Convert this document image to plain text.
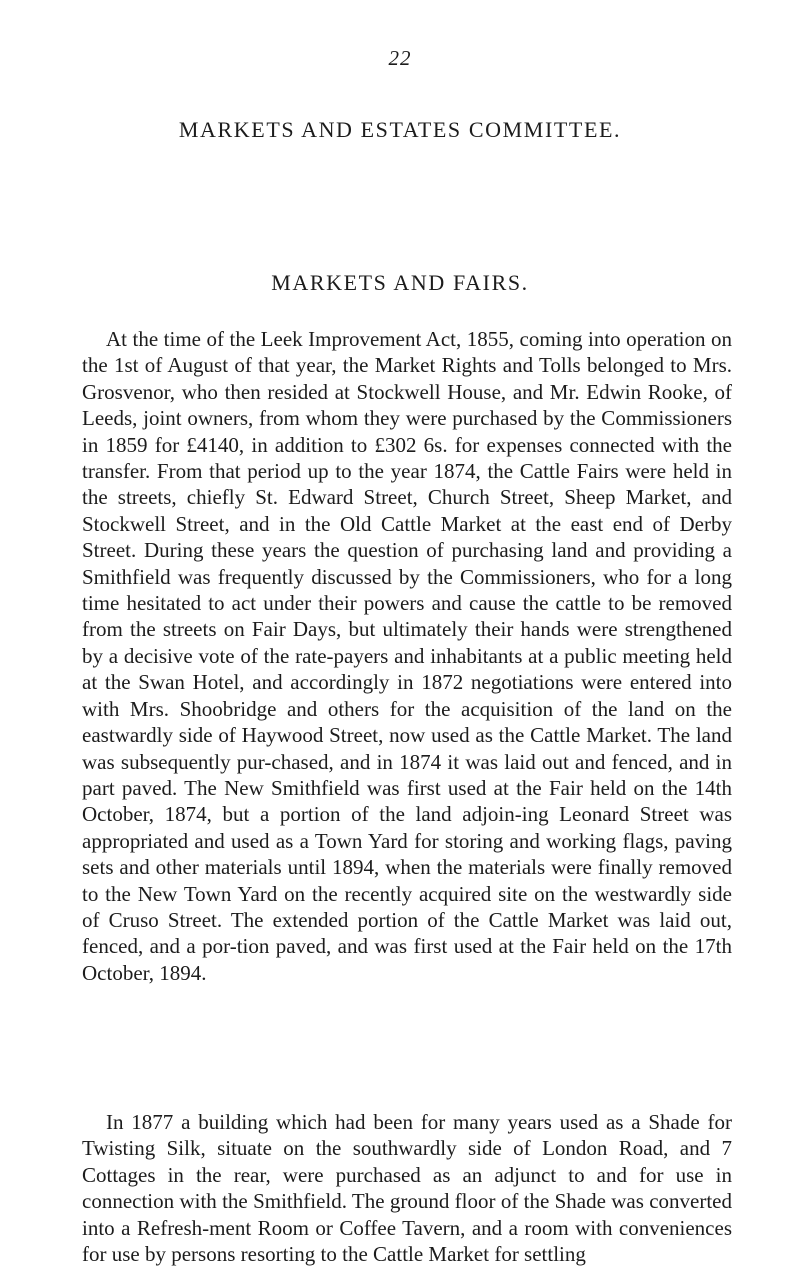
22
MARKETS AND ESTATES COMMITTEE.
MARKETS AND FAIRS.

At the time of the Leek Improvement Act, 1855, coming into operation on the 1st of August of that year, the Market Rights and Tolls belonged to Mrs. Grosvenor, who then resided at Stockwell House, and Mr. Edwin Rooke, of Leeds, joint owners, from whom they were purchased by the Commissioners in 1859 for £4140, in addition to £302 6s. for expenses connected with the transfer. From that period up to the year 1874, the Cattle Fairs were held in the streets, chiefly St. Edward Street, Church Street, Sheep Market, and Stockwell Street, and in the Old Cattle Market at the east end of Derby Street. During these years the question of purchasing land and providing a Smithfield was frequently discussed by the Commissioners, who for a long time hesitated to act under their powers and cause the cattle to be removed from the streets on Fair Days, but ultimately their hands were strengthened by a decisive vote of the rate-payers and inhabitants at a public meeting held at the Swan Hotel, and accordingly in 1872 negotiations were entered into with Mrs. Shoobridge and others for the acquisition of the land on the eastwardly side of Haywood Street, now used as the Cattle Market. The land was subsequently pur-chased, and in 1874 it was laid out and fenced, and in part paved. The New Smithfield was first used at the Fair held on the 14th October, 1874, but a portion of the land adjoin-ing Leonard Street was appropriated and used as a Town Yard for storing and working flags, paving sets and other materials until 1894, when the materials were finally removed to the New Town Yard on the recently acquired site on the westwardly side of Cruso Street. The extended portion of the Cattle Market was laid out, fenced, and a por-tion paved, and was first used at the Fair held on the 17th October, 1894.

In 1877 a building which had been for many years used as a Shade for Twisting Silk, situate on the southwardly side of London Road, and 7 Cottages in the rear, were purchased as an adjunct to and for use in connection with the Smithfield. The ground floor of the Shade was converted into a Refresh-ment Room or Coffee Tavern, and a room with conveniences for use by persons resorting to the Cattle Market for settling
